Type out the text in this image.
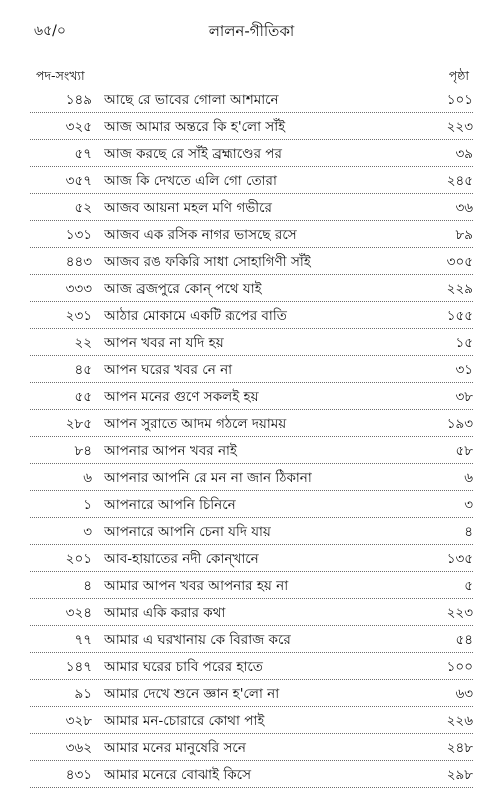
৬৫/০	লালন-গীতিকা
পদ-সংখ্যা	পৃষ্ঠা
১৪৯ আছে রে ভাবের গোলা আশমানে	১০১
৩২৫ আজ আমার অন্তরে কি হ'লো সাঁই	২২৩
৫৭ আজ করছে রে সাঁই ব্রহ্মাণ্ডের পর	৩৯
৩৫৭ আজ কি দেখতে এলি গো তোরা	২৪৫
৫২ আজব আয়না মহল মণি গভীরে	৩৬
১৩১ আজব এক রসিক নাগর ভাসছে রসে	৮৯
৪৪৩ আজব রঙ ফকিরি সাধা সোহাগিণী সাঁই	৩০৫
৩৩৩ আজ ব্রজপুরে কোন্ পথে যাই	২২৯
২৩১ আঠার মোকামে একটি রূপের বাতি	১৫৫
২২ আপন খবর না যদি হয়	১৫
৪৫ আপন ঘরের খবর নে না	৩১
৫৫ আপন মনের গুণে সকলই হয়	৩৮
২৮৫ আপন সুরাতে আদম গঠলে দয়াময়	১৯৩
৮৪ আপনার আপন খবর নাই	৫৮
৬ আপনার আপনি রে মন না জান ঠিকানা	৬
১ আপনারে আপনি চিনিনে	৩
৩ আপনারে আপনি চেনা যদি যায়	৪
২০১ আব-হায়াতের নদী কোন্‌খানে	১৩৫
৪ আমার আপন খবর আপনার হয় না	৫
৩২৪ আমার একি করার কথা	২২৩
৭৭ আমার এ ঘরখানায় কে বিরাজ করে	৫৪
১৪৭ আমার ঘরের চাবি পরের হাতে	১০০
৯১ আমার দেখে শুনে জ্ঞান হ'লো না	৬৩
৩২৮ আমার মন-চোরারে কোথা পাই	২২৬
৩৬২ আমার মনের মানুষেরি সনে	২৪৮
৪৩১ আমার মনেরে বোঝাই কিসে	২৯৮
